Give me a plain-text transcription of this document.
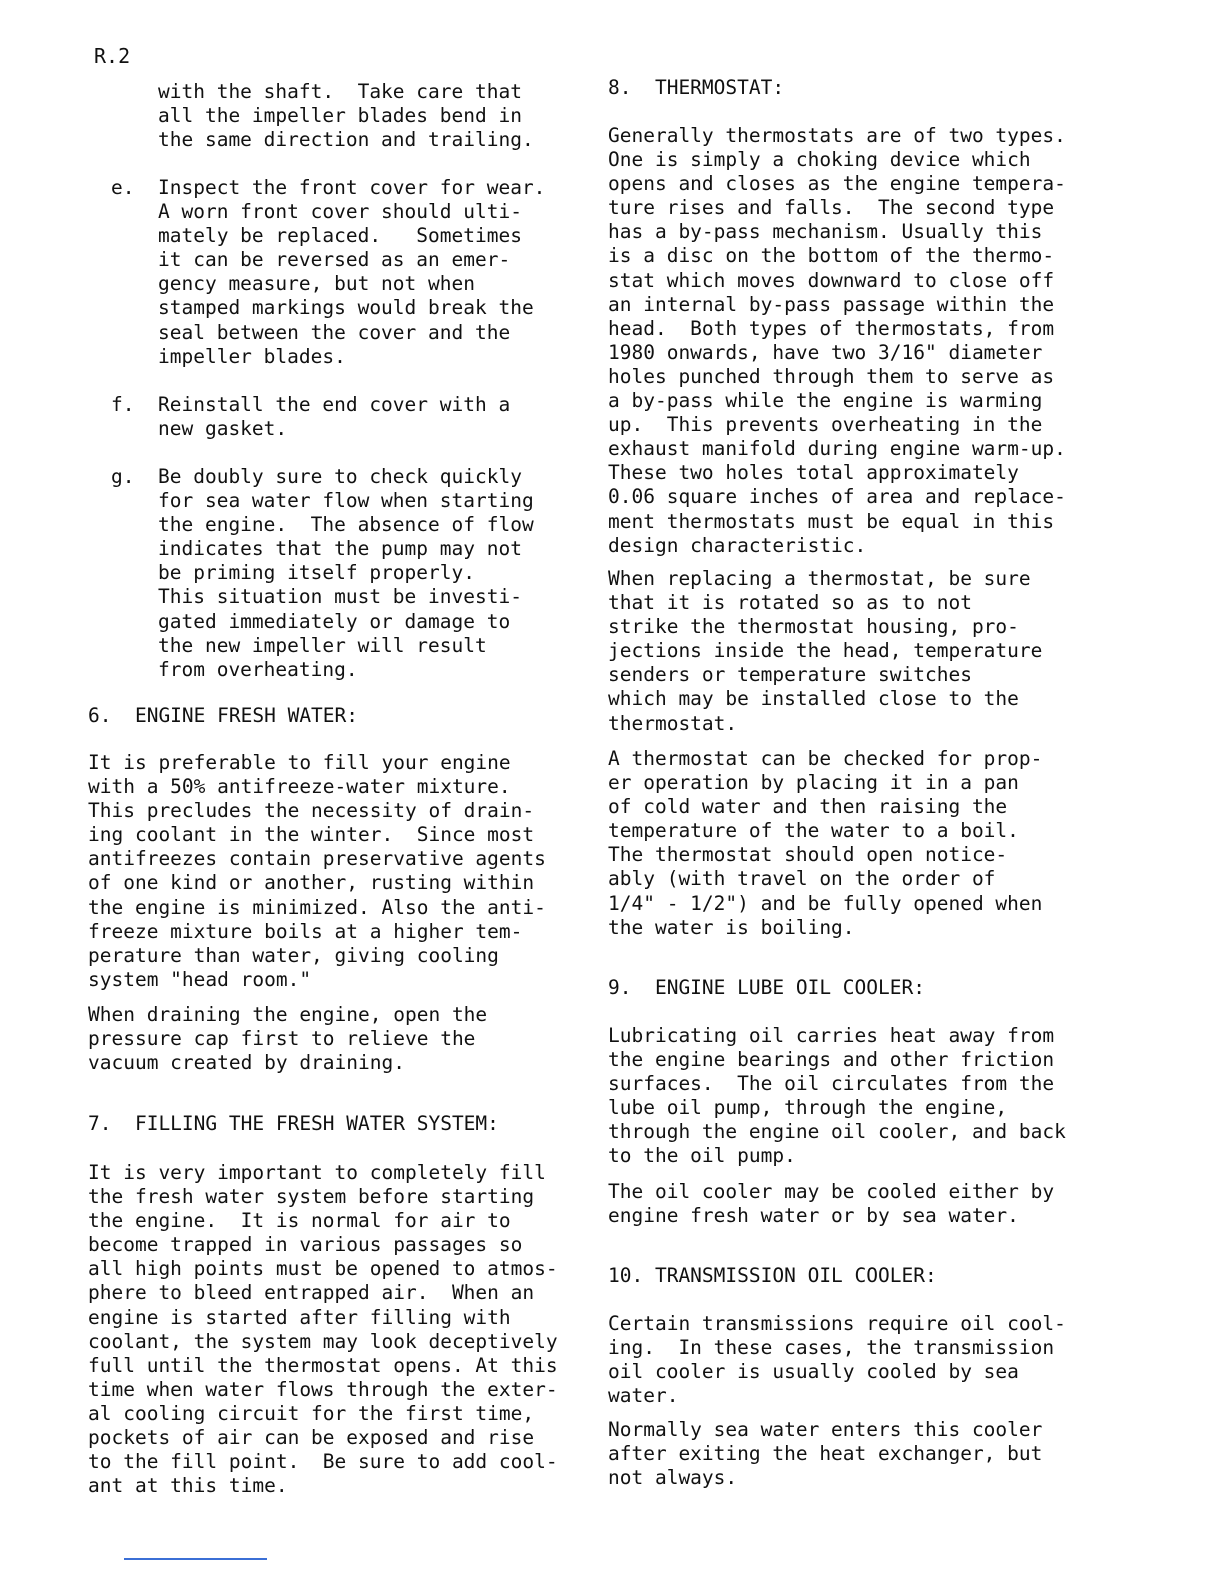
R.2
with the shaft.  Take care that
all the impeller blades bend in
the same direction and trailing.
e. Inspect the front cover for wear.
A worn front cover should ulti-
mately be replaced.   Sometimes
it can be reversed as an emer-
gency measure, but not when
stamped markings would break the
seal between the cover and the
impeller blades.
f. Reinstall the end cover with a
new gasket.
g. Be doubly sure to check quickly
for sea water flow when starting
the engine.  The absence of flow
indicates that the pump may not
be priming itself properly.
This situation must be investi-
gated immediately or damage to
the new impeller will result
from overheating.
6.  ENGINE FRESH WATER:
It is preferable to fill your engine
with a 50% antifreeze-water mixture.
This precludes the necessity of drain-
ing coolant in the winter.  Since most
antifreezes contain preservative agents
of one kind or another, rusting within
the engine is minimized. Also the anti-
freeze mixture boils at a higher tem-
perature than water, giving cooling
system "head room."
When draining the engine, open the
pressure cap first to relieve the
vacuum created by draining.
7.  FILLING THE FRESH WATER SYSTEM:
It is very important to completely fill
the fresh water system before starting
the engine.  It is normal for air to
become trapped in various passages so
all high points must be opened to atmos-
phere to bleed entrapped air.  When an
engine is started after filling with
coolant, the system may look deceptively
full until the thermostat opens. At this
time when water flows through the exter-
al cooling circuit for the first time,
pockets of air can be exposed and rise
to the fill point.  Be sure to add cool-
ant at this time.
8.  THERMOSTAT:
Generally thermostats are of two types.
One is simply a choking device which
opens and closes as the engine tempera-
ture rises and falls.  The second type
has a by-pass mechanism. Usually this
is a disc on the bottom of the thermo-
stat which moves downward to close off
an internal by-pass passage within the
head.  Both types of thermostats, from
1980 onwards, have two 3/16" diameter
holes punched through them to serve as
a by-pass while the engine is warming
up.  This prevents overheating in the
exhaust manifold during engine warm-up.
These two holes total approximately
0.06 square inches of area and replace-
ment thermostats must be equal in this
design characteristic.
When replacing a thermostat, be sure
that it is rotated so as to not
strike the thermostat housing, pro-
jections inside the head, temperature
senders or temperature switches
which may be installed close to the
thermostat.
A thermostat can be checked for prop-
er operation by placing it in a pan
of cold water and then raising the
temperature of the water to a boil.
The thermostat should open notice-
ably (with travel on the order of
1/4" - 1/2") and be fully opened when
the water is boiling.
9.  ENGINE LUBE OIL COOLER:
Lubricating oil carries heat away from
the engine bearings and other friction
surfaces.  The oil circulates from the
lube oil pump, through the engine,
through the engine oil cooler, and back
to the oil pump.
The oil cooler may be cooled either by
engine fresh water or by sea water.
10. TRANSMISSION OIL COOLER:
Certain transmissions require oil cool-
ing.  In these cases, the transmission
oil cooler is usually cooled by sea
water.
Normally sea water enters this cooler
after exiting the heat exchanger, but
not always.
